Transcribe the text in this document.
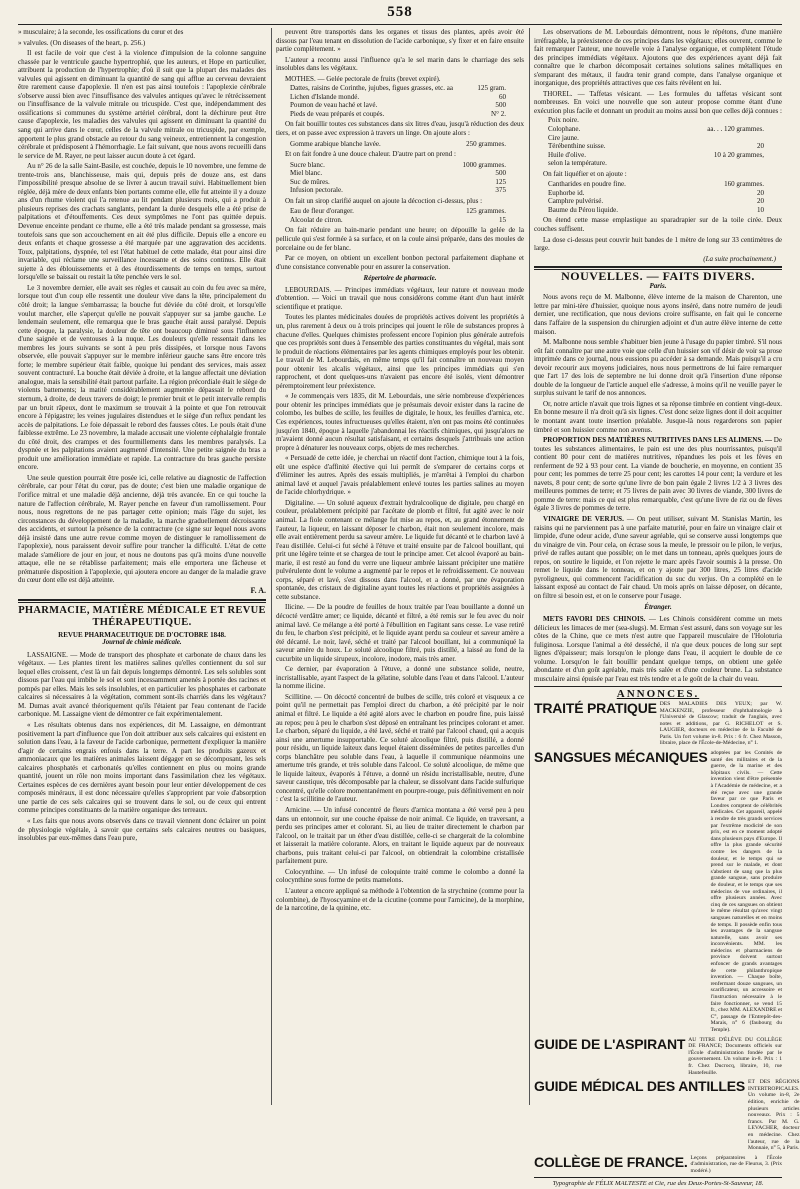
558

» musculaire; à la seconde, les ossifications du cœur et des

» valvules. (On diseases of the heart, p. 256.)

Il est facile de voir que c'est à la violence d'impulsion de la colonne sanguine chassée par le ventricule gauche hypertrophié, que les auteurs, et Hope en particulier, attribuent la production de l'hypertrophie; d'où il suit que la plupart des malades des valvules qui agissent en diminuant la quantité de sang qui afflue au cerveau devraient être rarement cause d'apoplexie. Il n'en est pas ainsi toutefois : l'apoplexie cérébrale s'observe aussi bien avec l'insuffisance des valvules antiques qu'avec le rétrécissement ou l'insuffisance de la valvule mitrale ou tricuspide. C'est que, indépendamment des ossifications si communes du système artériel cérébral, dont la déchirure peut être cause d'apoplexie, les maladies des valvules qui agissent en diminuant la quantité du sang qui arrive dans le cœur, celles de la valvule mitrale ou tricuspide, par exemple, apportent le plus grand obstacle au retour du sang veineux, entretiennent la congestion cérébrale et prédisposent à l'hémorrhagie. Le fait suivant, que nous avons recueilli dans le service de M. Rayer, ne peut laisser aucun doute à cet égard.

Au n° 26 de la salle Saint-Basile, est couchée, depuis le 10 novembre, une femme de trente-trois ans, blanchisseuse, mais qui, depuis près de douze ans, est dans l'impossibilité presque absolue de se livrer à aucun travail suivi. Habituellement bien réglée, déjà mère de deux enfants bien portants comme elle, elle fut atteinte il y a douze ans d'un rhume violent qui l'a retenue au lit pendant plusieurs mois, qui a produit à plusieurs reprises des crachats sanglants, pendant la durée desquels elle a été prise de palpitations et d'étouffements. Ces deux symptômes ne l'ont pas quittée depuis. Devenue enceinte pendant ce rhume, elle a été très malade pendant sa grossesse, mais toutefois sans que son accouchement en ait été plus difficile. Depuis elle a encore eu deux enfants et chaque grossesse a été marquée par une aggravation des accidents. Toux, palpitations, dyspnée, tel est l'état habituel de cette malade, état pour ainsi dire invariable, qui réclame une surveillance incessante et des soins continus. Elle était sujette à des éblouissements et à des étourdissements de temps en temps, surtout lorsqu'elle se baissait ou restait la tête penchée vers le sol.

Le 3 novembre dernier, elle avait ses règles et causait au coin du feu avec sa mère, lorsque tout d'un coup elle ressentit une douleur vive dans la tête, principalement du côté droit; la langue s'embarrassa; la bouche fut déviée du côté droit, et lorsqu'elle voulut marcher, elle s'aperçut qu'elle ne pouvait s'appuyer sur sa jambe gauche. Le lendemain seulement, elle remarqua que le bras gauche était aussi paralysé. Depuis cette époque, la paralysie, la douleur de tête ont beaucoup diminué sous l'influence d'une saignée et de ventouses à la nuque. Les douleurs qu'elle ressentait dans les membres les jours suivants se sont à peu près dissipées, et lorsque nous l'avons observée, elle pouvait s'appuyer sur le membre inférieur gauche sans être encore très forte; le membre supérieur était faible, quoique lui pendant des services, mais assez souvent contracturé. La bouche était déviée à droite, et la langue affectait une déviation analogue, mais la sensibilité était partout parfaite. La région précordiale était le siège de violents battements; la matité considérablement augmentée dépassait le rebord du sternum, à droite, de deux travers de doigt; le premier bruit et le petit intervalle remplis par un bruit râpeux, dont le maximum se trouvait à la pointe et que l'on retrouvait encore à l'épigastre; les veines jugulaires distendues et le siège d'un reflux pendant les accès de palpitations. Le foie dépassait le rebord des fausses côtes. Le pouls était d'une faiblesse extrême. Le 23 novembre, la malade accusait une violente céphalalgie frontale du côté droit, des crampes et des fourmillements dans les membres paralysés. La dyspnée et les palpitations avaient augmenté d'intensité. Une petite saignée du bras a produit une amélioration immédiate et rapide. La contracture du bras gauche persiste encore.

Une seule question pourrait être posée ici, celle relative au diagnostic de l'affection cérébrale, car pour l'état du cœur, pas de doute; c'est bien une maladie organique de l'orifice mitral et une maladie déjà ancienne, déjà très avancée. En ce qui touche la nature de l'affection cérébrale, M. Rayer penche en faveur d'un ramollissement. Pour nous, nous regrettons de ne pas partager cette opinion; mais l'âge du sujet, les circonstances du développement de la maladie, la marche graduellement décroissante des accidents, et surtout la présence de la contracture (ce signe sur lequel nous avons déjà insisté dans une autre revue comme moyen de distinguer le ramollissement de l'apoplexie), nous paraissent devoir suffire pour trancher la difficulté. L'état de cette malade s'améliore de jour en jour, et nous ne doutons pas qu'à moins d'une nouvelle attaque, elle ne se rétablisse parfaitement; mais elle emportera une fâcheuse et prématurée disposition à l'apoplexie, qui ajoutera encore au danger de la maladie grave du cœur dont elle est déjà atteinte.

F. A.
PHARMACIE, MATIÈRE MÉDICALE ET REVUE THÉRAPEUTIQUE.
REVUE PHARMACEUTIQUE DE D'OCTOBRE 1848.
Journal de chimie médicale.

LASSAIGNE. — Mode de transport des phosphate et carbonate de chaux dans les végétaux. — Les plantes tirent les matières salines qu'elles contiennent du sol sur lequel elles croissent, c'est là un fait depuis longtemps démontré. Les sels solubles sont dissous par l'eau qui imbibe le sol et sont incessamment amenés à portée des racines et pompés par elles. Mais les sels insolubles, et en particulier les phosphates et carbonate calcaires si nécessaires à la végétation, comment sont-ils charriés dans les végétaux? M. Dumas avait avancé théoriquement qu'ils l'étaient par l'eau contenant de l'acide carbonique. M. Lassaigne vient de démontrer ce fait expérimentalement.

« Les résultats obtenus dans nos expériences, dit M. Lassaigne, en démontrant positivement la part d'influence que l'on doit attribuer aux sels calcaires qui existent en solution dans l'eau, à la faveur de l'acide carbonique, permettent d'expliquer la manière d'agir de certains engrais enfouis dans la terre. A part les produits gazeux et ammoniacaux que les matières animales laissent dégager en se décomposant, les sels calcaires phosphatés et carbonatés qu'elles contiennent en plus ou moins grande quantité, jouent un rôle non moins important dans l'assimilation chez les végétaux. Certaines espèces de ces dernières ayant besoin pour leur entier développement de ces composés minéraux, il est donc nécessaire qu'elles s'approprient par voie d'absorption une partie de ces sels calcaires qui se trouvent dans le sol, ou de ceux qui entrent comme principes constituants de la matière organique des terreaux.

« Les faits que nous avons observés dans ce travail viennent donc éclairer un point de physiologie végétale, à savoir que certains sels calcaires neutres ou basiques, insolubles par eux-mêmes dans l'eau pure,

peuvent être transportés dans les organes et tissus des plantes, après avoir été dissous par l'eau tenant en dissolution de l'acide carbonique, s'y fixer et en faire ensuite partie complètement. »

L'auteur a reconnu aussi l'influence qu'a le sel marin dans le charriage des sels insolubles dans les végétaux.

MOTHES. — Gelée pectorale de fruits (brevet expiré).

Dattes, raisins de Corinthe, jujubes, figues grasses, etc. aa	125 gram.
Lichen d'Islande mondé.	60
Poumon de veau haché et lavé.	500
Pieds de veau préparés et coupés.	N° 2.

On fait bouillir toutes ces substances dans six litres d'eau, jusqu'à réduction des deux tiers, et on passe avec expression à travers un linge. On ajoute alors :

Gomme arabique blanche lavée.	250 grammes.

Et on fait fondre à une douce chaleur. D'autre part on prend :

Sucre blanc.	1000 grammes.
Miel blanc.	500
Suc de mûres.	125
Infusion pectorale.	375

On fait un sirop clarifié auquel on ajoute la décoction ci-dessus, plus :

Eau de fleur d'oranger.	125 grammes.
Alcoolat de citron.	15

On fait réduire au bain-marie pendant une heure; on dépouille la gelée de la pellicule qui s'est formée à sa surface, et on la coule ainsi préparée, dans des moules de porcelaine ou de fer blanc.

Par ce moyen, on obtient un excellent bonbon pectoral parfaitement diaphane et d'une consistance convenable pour en assurer la conservation.

Répertoire de pharmacie.

LEBOURDAIS. — Principes immédiats végétaux, leur nature et nouveau mode d'obtention. — Voici un travail que nous considérons comme étant d'un haut intérêt scientifique et pratique.

Toutes les plantes médicinales douées de propriétés actives doivent les propriétés à un, plus rarement à deux ou à trois principes qui jouent le rôle de substances propres à chacune d'elles. Quelques chimistes professent encore l'opinion plus générale autrefois que ces propriétés sont dues à l'ensemble des parties constituantes du végétal, mais sont le produit de réactions élémentaires par les agents chimiques employés pour les obtenir. Le travail de M. Lebourdais, en même temps qu'il fait connaître un nouveau moyen pour obtenir les alcalis végétaux, ainsi que les principes immédiats qui s'en rapprochent, et dont quelques-uns n'avaient pas encore été isolés, vient démontrer péremptoirement leur préexistence.

« Je commençais vers 1835, dit M. Lebourdais, une série nombreuse d'expériences pour obtenir les principes immédiats que je présumais devoir exister dans la racine de colombo, les bulbes de scille, les feuilles de digitale, le houx, les feuilles d'arnica, etc. Ces expériences, toutes infructueuses qu'elles étaient, n'en ont pas moins été continuées jusqu'en 1840, époque à laquelle j'abandonnai les réactifs chimiques, qui jusqu'alors ne m'avaient donné aucun résultat satisfaisant, et certains desquels j'attribuais une action propre à dénaturer les nouveaux corps, objets de mes recherches.

« Persuadé de cette idée, je cherchai un réactif dont l'action, chimique tout à la fois, eût une espèce d'affinité élective qui lui permît de s'emparer de certains corps et d'éliminer les autres. Après des essais multipliés, je m'arrêtai à l'emploi du charbon animal lavé et auquel j'avais préalablement enlevé toutes les parties salines au moyen de l'acide chlorhydrique. »

Digitaline. — Un soluté aqueux d'extrait hydralcoolique de digitale, peu chargé en couleur, préalablement précipité par l'acétate de plomb et filtré, fut agité avec le noir animal. La fiole contenant ce mélange fut mise au repos, et, au grand étonnement de l'auteur, la liqueur, en laissant déposer le charbon, était non seulement incolore, mais elle avait entièrement perdu sa saveur amère. Le liquide fut décanté et le charbon lavé à l'eau distillée. Celui-ci fut séché à l'étuve et traité ensuite par de l'alcool bouillant, qui prit une légère teinte et se chargea de tout le principe amer. Cet alcool évaporé au bain-marie, il est resté au fond du verre une liqueur ambrée laissant précipiter une matière pulvérulente dont le volume a augmenté par le repos et le refroidissement. Ce nouveau corps, séparé et lavé, s'est dissous dans l'alcool, et a donné, par une évaporation spontanée, des cristaux de digitaline ayant toutes les réactions et propriétés assignées à cette substance.

Ilicine. — De la poudre de feuilles de houx traitée par l'eau bouillante a donné un décocté verdâtre amer; ce liquide, décanté et filtré, a été remis sur le feu avec du noir animal lavé. Ce mélange a été porté à l'ébullition en l'agitant sans cesse. Le vase retiré du feu, le charbon s'est précipité, et le liquide ayant perdu sa couleur et saveur amère a été décanté. Le noir, lavé, séché et traité par l'alcool bouillant, lui a communiqué la saveur amère du houx. Le soluté alcoolique filtré, puis distillé, a laissé au fond de la cucurbite un liquide sirupeux, incolore, inodore, mais très amer.

Ce dernier, par évaporation à l'étuve, a donné une substance solide, neutre, incristallisable, ayant l'aspect de la gélatine, soluble dans l'eau et dans l'alcool. L'auteur la nomme ilicine.

Scillitine. — On décocté concentré de bulbes de scille, très coloré et visqueux a ce point qu'il ne permettait pas l'emploi direct du charbon, a été précipité par le noir animal et filtré. Le liquide a été agité alors avec le charbon en poudre fine, puis laissé au repos; peu à peu le charbon s'est déposé en entraînant les principes colorant et amer. Le charbon, séparé du liquide, a été lavé, séché et traité par l'alcool chaud, qui a acquis ainsi une amertume insupportable. Ce soluté alcoolique filtré, puis distillé, a donné pour résidu, un liquide laiteux dans lequel étaient disséminées de petites parcelles d'un corps blanchâtre peu soluble dans l'eau, à laquelle il communique néanmoins une amertume très grande, et très soluble dans l'alcool. Ce soluté alcoolique, de même que le liquide laiteux, évaporés à l'étuve, a donné un résidu incristallisable, neutre, d'une saveur caustique, très décomposable par la chaleur, se dissolvant dans l'acide sulfurique concentré, qu'elle colore momentanément en pourpre-rouge, puis définitivement en noir : c'est la scillitine de l'auteur.

Arnicine. — Un infusé concentré de fleurs d'arnica montana a été versé peu à peu dans un entonnoir, sur une couche épaisse de noir animal. Ce liquide, en traversant, a perdu ses principes amer et colorant. Si, au lieu de traiter directement le charbon par l'alcool, on le traitait par un éther d'eau distillée, celle-ci se chargerait de la colombine et laisserait la matière colorante. Alors, en traitant le liquide aqueux par de nouveaux charbons, puis traitant celui-ci par l'alcool, on obtiendrait la colombine cristallisée parfaitement pure.

Colocynthine. — Un infusé de coloquinte traité comme le colombo a donné la colocynthine sous forme de petits mamelons.

L'auteur a encore appliqué sa méthode à l'obtention de la strychnine (comme pour la colombine), de l'hyoscyamine et de la cicutine (comme pour l'arnicine), de la morphine, de la narcotine, de la quinine, etc.

Les observations de M. Lebourdais démontrent, nous le répétons, d'une manière irréfragable, la préexistence de ces principes dans les végétaux; elles ouvrent, comme le fait remarquer l'auteur, une nouvelle voie à l'analyse organique, et complètent l'étude des principes immédiats végétaux. Ajoutons que des expériences ayant déjà fait connaître que le charbon décomposait certaines solutions salines métalliques en s'emparant des métaux, il faudra tenir grand compte, dans l'analyse organique et inorganique, des propriétés attractives que ces faits révèlent en lui.

THOREL. — Taffetas vésicant. — Les formules du taffetas vésicant sont nombreuses. En voici une nouvelle que son auteur propose comme étant d'une exécution plus facile et donnant un produit au moins aussi bon que celles déjà connues :

Poix noire.
Colophane.	aa. . . 120 grammes.
Cire jaune.
Térébenthine suisse.	20
Huile d'olive.	10 à 20 grammes,
selon la température.

On fait liquéfier et on ajoute :

Cantharides en poudre fine.	160 grammes.
Euphorbe id.	20
Camphre pulvérisé.	20
Baume du Pérou liquide.	10

On étend cette masse emplastique au sparadrapier sur de la toile cirée. Deux couches suffisent.

La dose ci-dessus peut couvrir huit bandes de 1 mètre de long sur 33 centimètres de large.

(La suite prochainement.)
NOUVELLES. — FAITS DIVERS.
Paris.

Nous avons reçu de M. Malbonne, élève interne de la maison de Charenton, une lettre par mini-tère d'huissier, quoique nous ayons inséré, dans notre numéro de jeudi dernier, une rectification, que nous devions croire suffisante, en fait qui le concerne dans l'affaire de la suspension du chirurgien adjoint et d'un autre élève interne de cette maison.

M. Malbonne nous semble s'habituer bien jeune à l'usage du papier timbré. S'il nous eût fait connaître par une autre voie que celle d'un huissier son vif désir de voir sa prose imprimée dans ce journal, nous eussions pu accéder à sa demande. Mais puisqu'il a cru devoir recourir aux moyens judiciaires, nous nous permettrons de lui faire remarquer que l'art 17 des lois de septembre ne lui donne droit qu'à l'insertion d'une réponse double de la longueur de l'article auquel elle s'adresse, à moins qu'il ne veuille payer le surplus suivant le tarif de nos annonces.

Or, notre article n'avait que trois lignes et sa réponse timbrée en contient vingt-deux. En bonne mesure il n'a droit qu'à six lignes. C'est donc seize lignes dont il doit acquitter le montant avant toute insertion préalable. Jusque-là nous regarderons son papier timbré et son huissier comme non avenus.

PROPORTION DES MATIÈRES NUTRITIVES DANS LES ALIMENS. — De toutes les substances alimentaires, le pain est une des plus nourrissantes, puisqu'il contient 80 pour cent de matières nutritives, répandues les pois et les fèves en renferment de 92 à 93 pour cent. La viande de boucherie, en moyenne, en contient 35 pour cent; les pommes de terre 25 pour cent; les carottes 14 pour cent; la verdure et les navets, 8 pour cent; de sorte qu'une livre de bon pain égale 2 livres 1/2 à 3 livres des meilleures pommes de terre; et 75 livres de pain avec 30 livres de viande, 300 livres de pomme de terre: mais ce qui est plus remarquable, c'est qu'une livre de riz ou de fèves égale 3 livres de pommes de terre.

VINAIGRE DE VERJUS. — On peut utiliser, suivant M. Stanislas Martin, les raisins qui ne parviennent pas à une parfaite maturité, pour en faire un vinaigre clair et limpide, d'une odeur acide, d'une saveur agréable, qui se conserve aussi longtemps que du vinaigre de vin. Pour cela, on écrase sous la meule, le pressoir ou le pilon, le verjus, privé de rafles autant que possible; on le met dans un tonneau, après quelques jours de repos, on soutire le liquide, et l'on rejette le marc après l'avoir soumis à la presse. On remet le liquide dans le tonneau, et on y ajoute par 300 litres, 25 litres d'acide pyroligneux, qui commencent l'acidification du suc du verjus. On a complété en le laissant exposé au contact de l'air chaud. Un mois après on laisse déposer, on décante, on filtre si besoin est, et on le conserve pour l'usage.

Étranger.

METS FAVORI DES CHINOIS. — Les Chinois considèrent comme un mets délicieux les limaces de mer (sea-slugs). M. Erman s'est assuré, dans son voyage sur les côtes de la Chine, que ce mets n'est autre que l'appareil musculaire de l'Holoturia fuliginosa. Lorsque l'animal a été desséché, il n'a que deux pouces de long sur sept lignes d'épaisseur; mais lorsqu'on le plonge dans l'eau, il acquiert le double de ce volume. Lorsqu'on le fait bouillir pendant quelque temps, on obtient une gelée abondante et d'un goût agréable, mais très salée et d'une couleur brune. La substance musculaire ainsi épuisée par l'eau est très tendre et a le goût de la chair du veau.

ANNONCES.
TRAITÉ PRATIQUE DES MALADIES DES YEUX; par W. MACKENZIE, professeur d'ophthalmologie à l'Université de Glascow; traduit de l'anglais, avec notes et additions, par G. RICHELOT et S. LAUGIER, docteurs en médecine de la Faculté de Paris. Un fort volume in-8. Prix : 6 fr. Chez Masson, libraire, place de l'École-de-Médecine, n° 1.
SANGSUES MÉCANIQUES adoptées par les Comités de santé des militaires et de la guerre, de la marine et des hôpitaux civils. — Cette invention vient d'être présentée à l'Académie de médecine, et a été reçue avec une grande faveur par ce que Paris et Londres comptent de célébrités médicales. Cet appareil, appelé à rendre de très grands services par l'extrême modicité de son prix, est en ce moment adopté dans plusieurs pays d'Europe. Il offre la plus grande sécurité contre les dangers de la douleur, et le temps qui se prend sur le malade, et dont s'abstient de sang que la plus grande sangsue, sans produire de douleur, et le temps que ses médecins de vue ordinaires, il offre plusieurs années. Avec cinq de ces sangsues on obtient le même résultat qu'avec vingt sangsues naturelles et en moins de temps. Il possède enfin tous les avantages de la sangsue naturelle, sans avoir ses inconvénients. MM. les médecins et pharmaciens de province doivent surtout enfoncer de grands avantages de cette philanthropique invention. — Chaque boîte, renfermant douze sangsues, un scarificateur, un accessoire et l'instruction nécessaire à le faire fonctionner, se vend 15 fr., chez MM. ALEXANDRE et C°, passage de l'Entrepôt-des-Marais, n° 6 (faubourg du Temple).
GUIDE DE L'ASPIRANT AU TITRE D'ÉLÈVE DU COLLÈGE DE FRANCE; Documents officiels sur l'École d'administration fondée par le gouvernement. Un volume in-8. Prix : 1 fr. Chez Ducrocq, libraire, 10, rue Hautefeuille.
GUIDE MÉDICAL DES ANTILLES ET DES RÉGIONS INTERTROPICALES. Un volume in-8, 2e édition, enrichie de plusieurs articles nouveaux. Prix : 5 francs. Par M. G. LEVACHER, docteur en médecine. Chez l'auteur, rue de la Monnaie, n° 5, à Paris.
COLLÈGE DE FRANCE. Leçons préparatoires à l'École d'administration, rue de Fleurus, 3. (Prix modéré.)
Typographie de FÉLIX MALTESTE et Cie, rue des Deux-Portes-St-Sauveur, 18.
